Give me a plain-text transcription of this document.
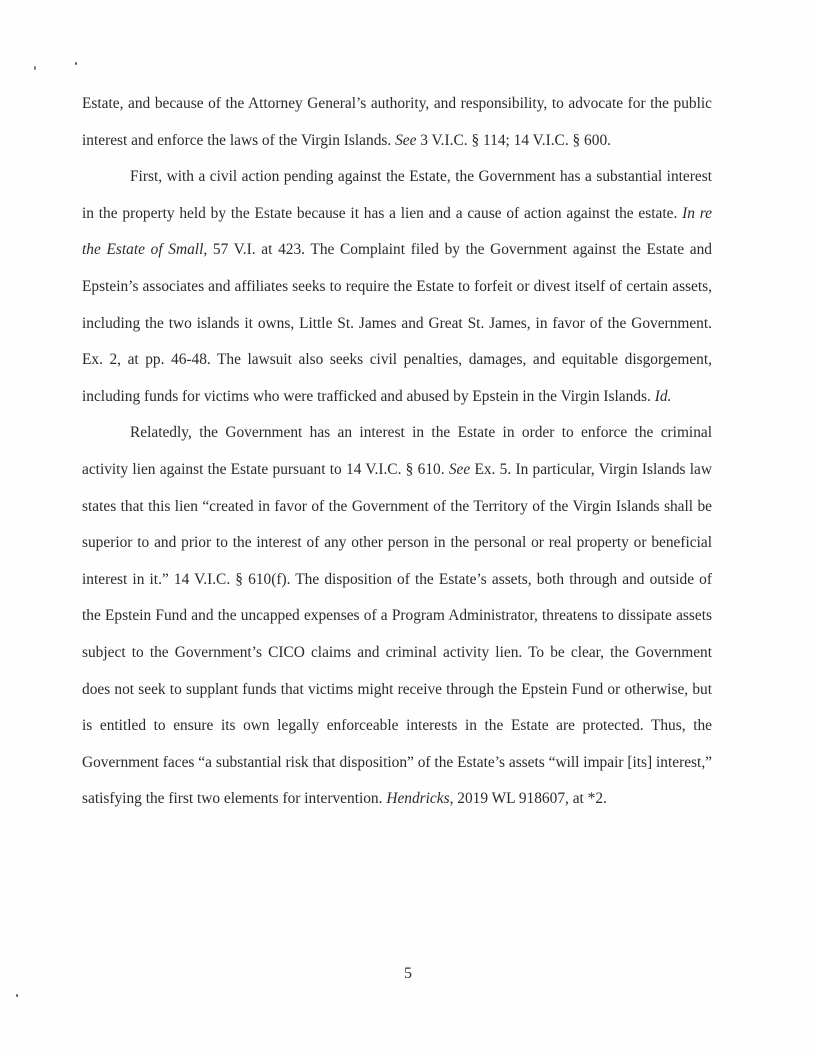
Estate, and because of the Attorney General’s authority, and responsibility, to advocate for the public interest and enforce the laws of the Virgin Islands. See 3 V.I.C. § 114; 14 V.I.C. § 600.

First, with a civil action pending against the Estate, the Government has a substantial interest in the property held by the Estate because it has a lien and a cause of action against the estate. In re the Estate of Small, 57 V.I. at 423. The Complaint filed by the Government against the Estate and Epstein’s associates and affiliates seeks to require the Estate to forfeit or divest itself of certain assets, including the two islands it owns, Little St. James and Great St. James, in favor of the Government. Ex. 2, at pp. 46-48. The lawsuit also seeks civil penalties, damages, and equitable disgorgement, including funds for victims who were trafficked and abused by Epstein in the Virgin Islands. Id.

Relatedly, the Government has an interest in the Estate in order to enforce the criminal activity lien against the Estate pursuant to 14 V.I.C. § 610. See Ex. 5. In particular, Virgin Islands law states that this lien “created in favor of the Government of the Territory of the Virgin Islands shall be superior to and prior to the interest of any other person in the personal or real property or beneficial interest in it.” 14 V.I.C. § 610(f). The disposition of the Estate’s assets, both through and outside of the Epstein Fund and the uncapped expenses of a Program Administrator, threatens to dissipate assets subject to the Government’s CICO claims and criminal activity lien. To be clear, the Government does not seek to supplant funds that victims might receive through the Epstein Fund or otherwise, but is entitled to ensure its own legally enforceable interests in the Estate are protected. Thus, the Government faces “a substantial risk that disposition” of the Estate’s assets “will impair [its] interest,” satisfying the first two elements for intervention. Hendricks, 2019 WL 918607, at *2.

5
